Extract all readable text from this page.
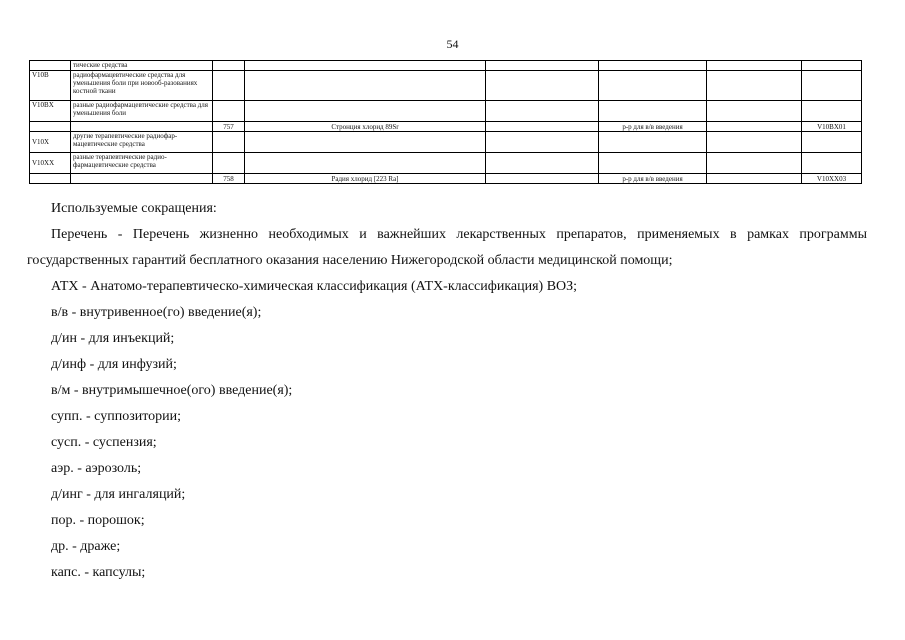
54
	тические средства						
V10B	радиофармацевтические средства для уменьшения боли при новооб-разованиях костной ткани						
V10BX	разные радиофармацевтические средства для уменьшения боли						
		757	Стронция хлорид 89Sr		р-р для в/в введения		V10BX01
V10X	другие терапевтические радиофар-мацевтические средства						
V10XX	разные терапевтические радио-фармацевтические средства						
		758	Радия хлорид [223 Ra]		р-р для в/в введения		V10XX03

Используемые сокращения:

Перечень - Перечень жизненно необходимых и важнейших лекарственных препаратов, применяемых в рамках программы государственных гарантий бесплатного оказания населению Нижегородской области медицинской помощи;

АТХ - Анатомо-терапевтическо-химическая классификация (АТХ-классификация) ВОЗ;

в/в - внутривенное(го) введение(я);

д/ин - для инъекций;

д/инф - для инфузий;

в/м - внутримышечное(ого) введение(я);

супп. - суппозитории;

сусп. - суспензия;

аэр. - аэрозоль;

д/инг - для ингаляций;

пор. - порошок;

др. - драже;

капс. - капсулы;
